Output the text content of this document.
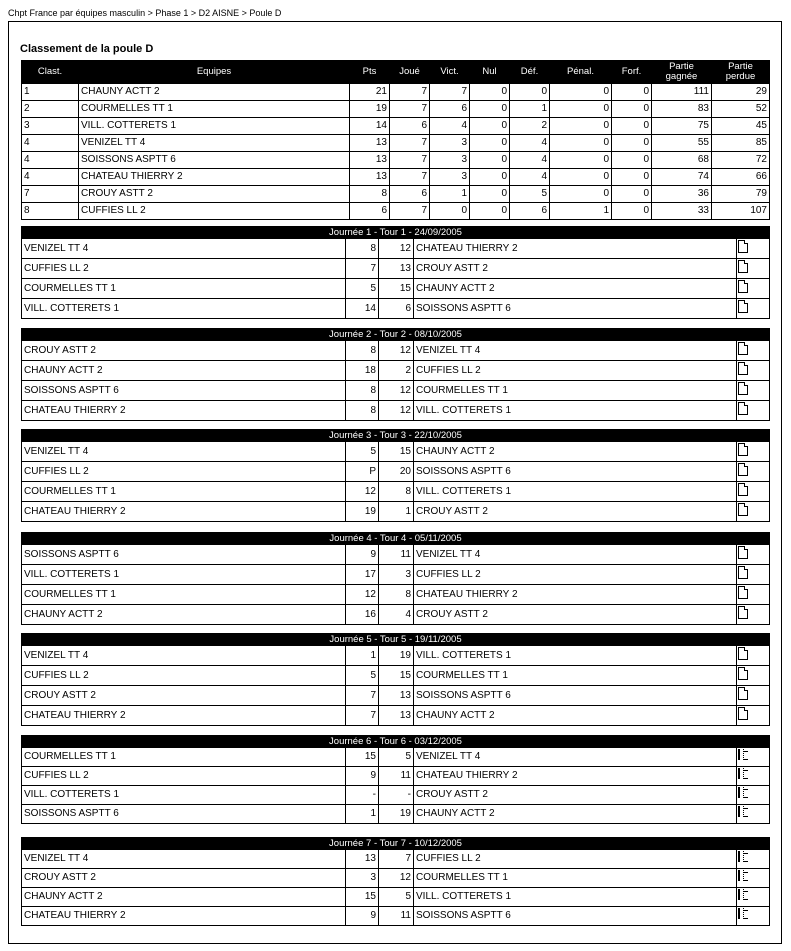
Chpt France par équipes masculin > Phase 1 > D2 AISNE > Poule D
Classement de la poule D
Clast.	Equipes	Pts	Joué	Vict.	Nul	Déf.	Pénal.	Forf.	Partie gagnée	Partie perdue
1	CHAUNY ACTT 2	21	7	7	0	0	0	0	111	29
2	COURMELLES TT 1	19	7	6	0	1	0	0	83	52
3	VILL. COTTERETS 1	14	6	4	0	2	0	0	75	45
4	VENIZEL TT 4	13	7	3	0	4	0	0	55	85
4	SOISSONS ASPTT 6	13	7	3	0	4	0	0	68	72
4	CHATEAU THIERRY 2	13	7	3	0	4	0	0	74	66
7	CROUY ASTT 2	8	6	1	0	5	0	0	36	79
8	CUFFIES LL 2	6	7	0	0	6	1	0	33	107
Journée 1 - Tour 1 - 24/09/2005				
VENIZEL TT 4	8	12	CHATEAU THIERRY 2	
CUFFIES LL 2	7	13	CROUY ASTT 2	
COURMELLES TT 1	5	15	CHAUNY ACTT 2	
VILL. COTTERETS 1	14	6	SOISSONS ASPTT 6	
Journée 2 - Tour 2 - 08/10/2005				
CROUY ASTT 2	8	12	VENIZEL TT 4	
CHAUNY ACTT 2	18	2	CUFFIES LL 2	
SOISSONS ASPTT 6	8	12	COURMELLES TT 1	
CHATEAU THIERRY 2	8	12	VILL. COTTERETS 1	
Journée 3 - Tour 3 - 22/10/2005				
VENIZEL TT 4	5	15	CHAUNY ACTT 2	
CUFFIES LL 2	P	20	SOISSONS ASPTT 6	
COURMELLES TT 1	12	8	VILL. COTTERETS 1	
CHATEAU THIERRY 2	19	1	CROUY ASTT 2	
Journée 4 - Tour 4 - 05/11/2005				
SOISSONS ASPTT 6	9	11	VENIZEL TT 4	
VILL. COTTERETS 1	17	3	CUFFIES LL 2	
COURMELLES TT 1	12	8	CHATEAU THIERRY 2	
CHAUNY ACTT 2	16	4	CROUY ASTT 2	
Journée 5 - Tour 5 - 19/11/2005				
VENIZEL TT 4	1	19	VILL. COTTERETS 1	
CUFFIES LL 2	5	15	COURMELLES TT 1	
CROUY ASTT 2	7	13	SOISSONS ASPTT 6	
CHATEAU THIERRY 2	7	13	CHAUNY ACTT 2	
Journée 6 - Tour 6 - 03/12/2005				
COURMELLES TT 1	15	5	VENIZEL TT 4	
CUFFIES LL 2	9	11	CHATEAU THIERRY 2	
VILL. COTTERETS 1	-	-	CROUY ASTT 2	
SOISSONS ASPTT 6	1	19	CHAUNY ACTT 2	
Journée 7 - Tour 7 - 10/12/2005				
VENIZEL TT 4	13	7	CUFFIES LL 2	
CROUY ASTT 2	3	12	COURMELLES TT 1	
CHAUNY ACTT 2	15	5	VILL. COTTERETS 1	
CHATEAU THIERRY 2	9	11	SOISSONS ASPTT 6	
